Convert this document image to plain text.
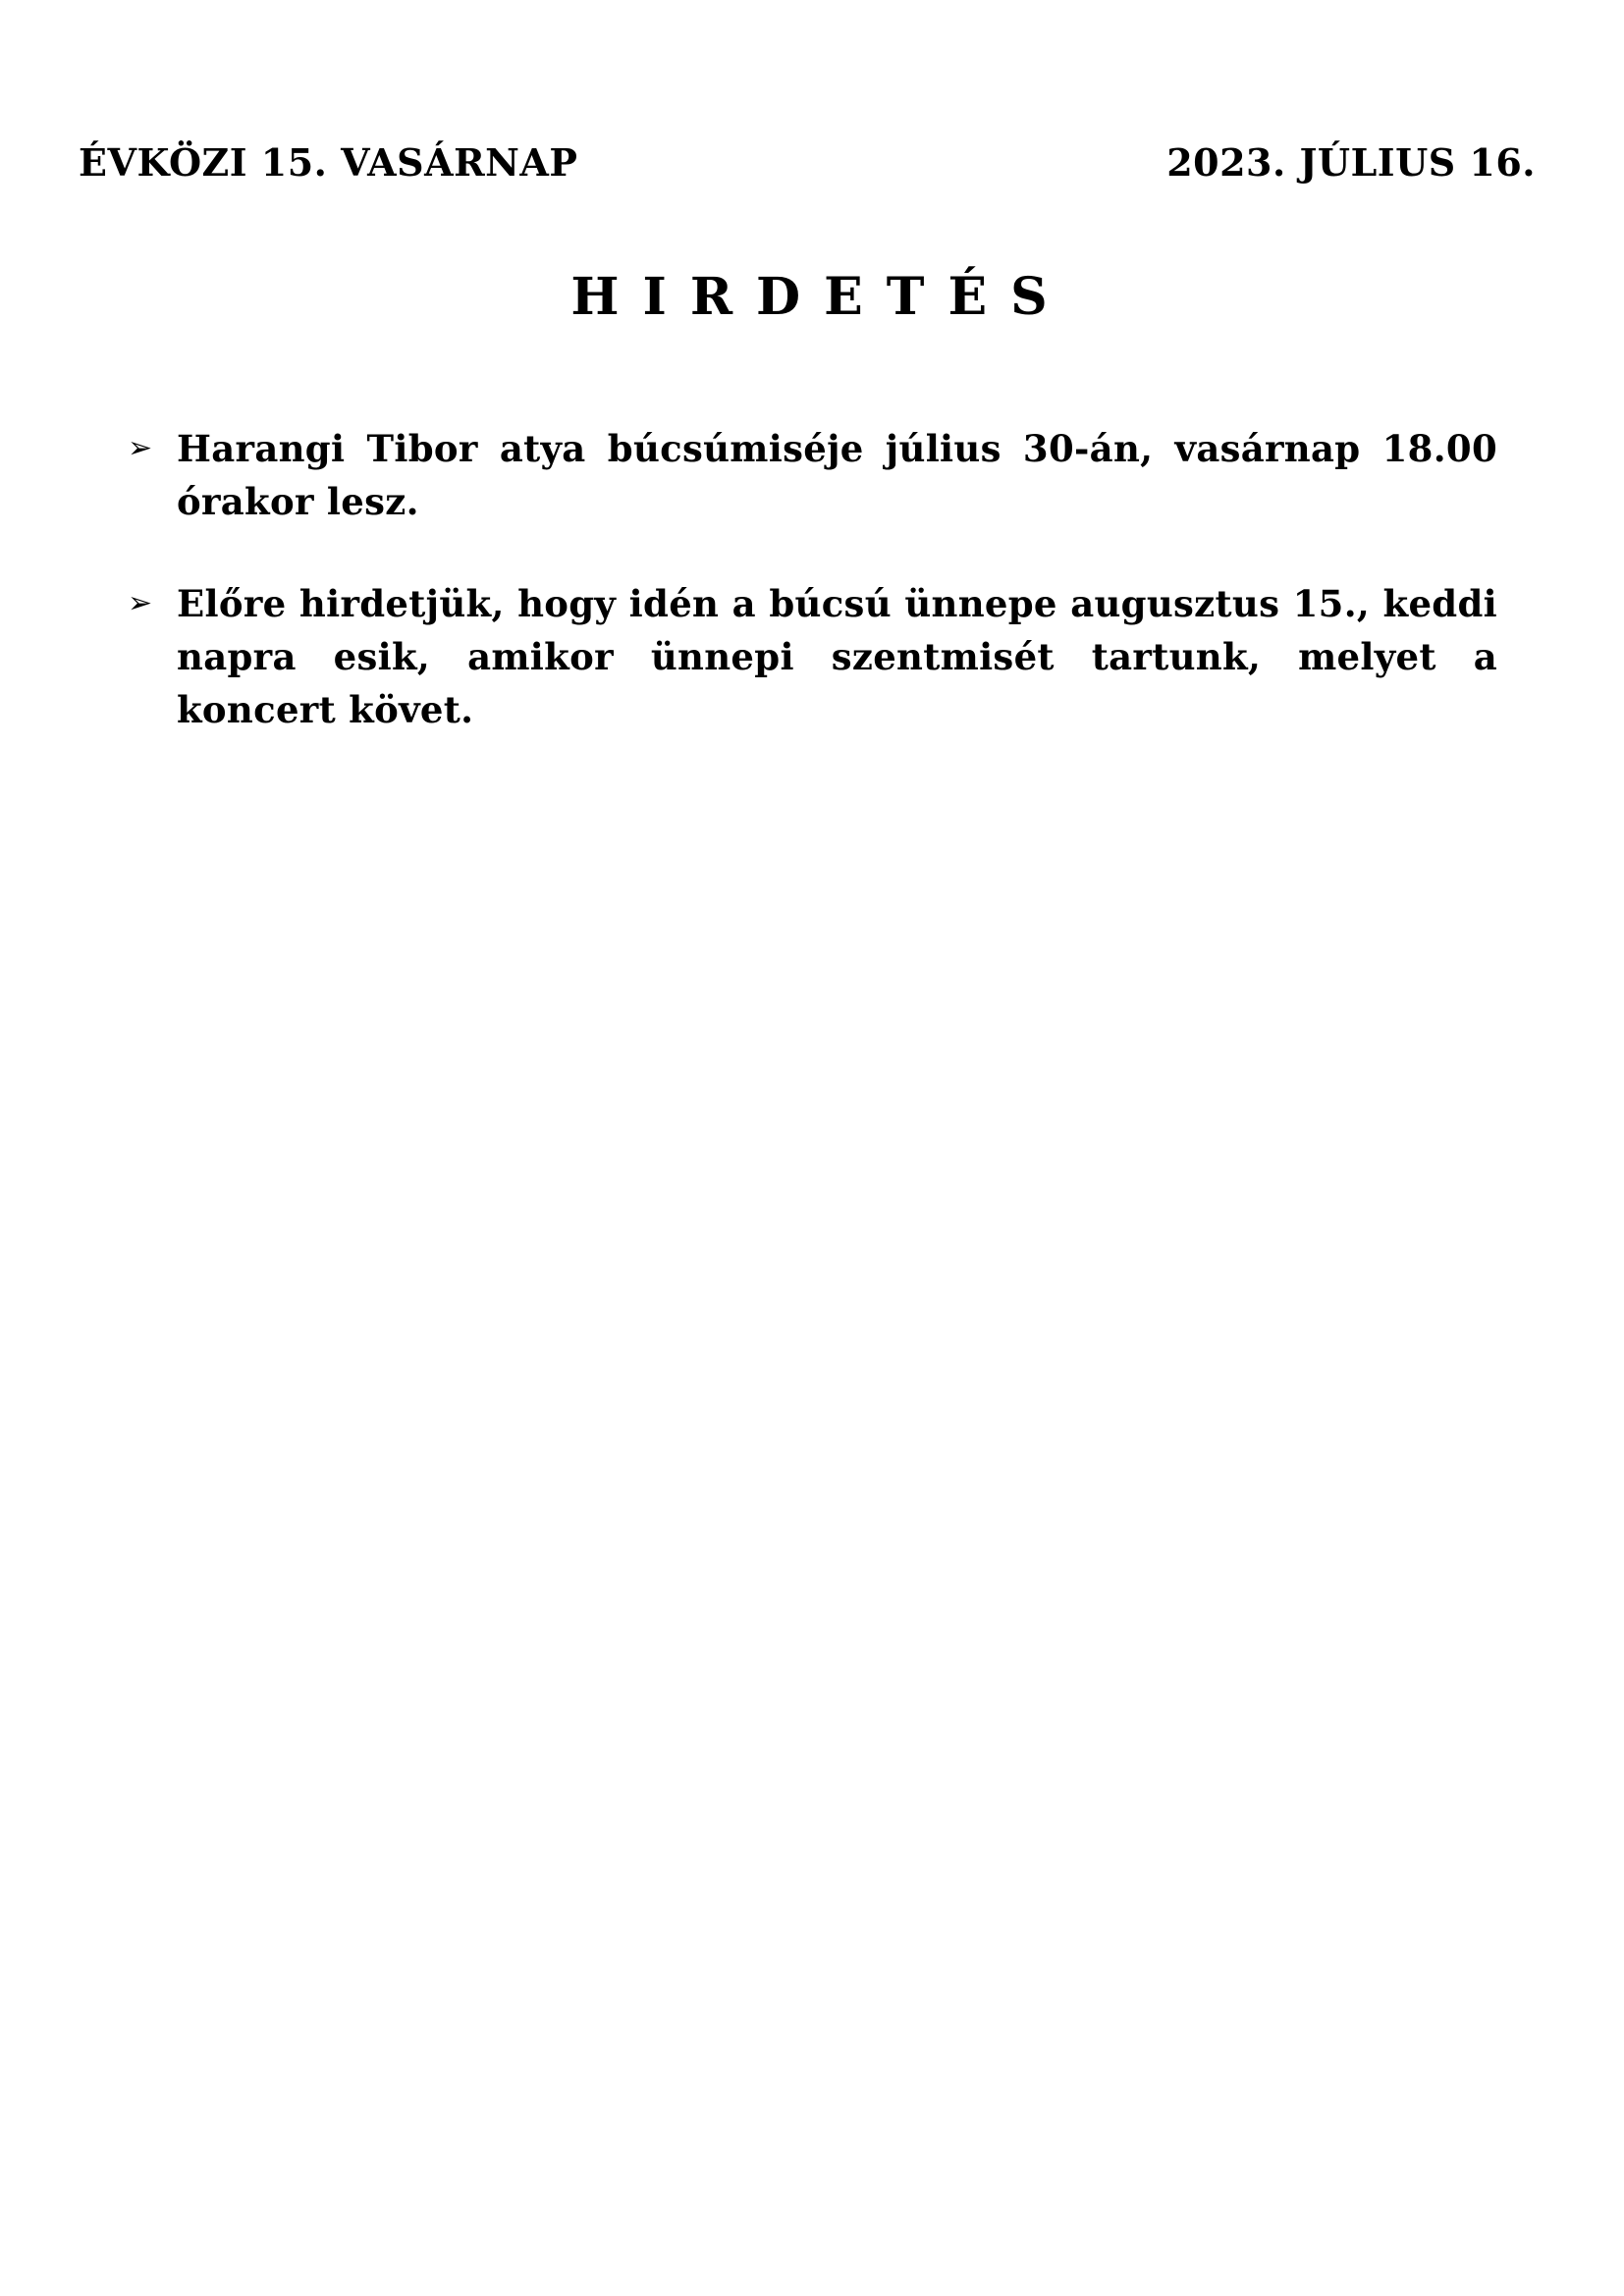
ÉVKÖZI 15. VASÁRNAP	2023. JÚLIUS 16.
HIRDETÉS
➢ Harangi Tibor atya búcsúmiséje július 30-án, vasárnap 18.00 órakor lesz.
➢ Előre hirdetjük, hogy idén a búcsú ünnepe augusztus 15., keddi napra esik, amikor ünnepi szentmisét tartunk, melyet a koncert követ.
